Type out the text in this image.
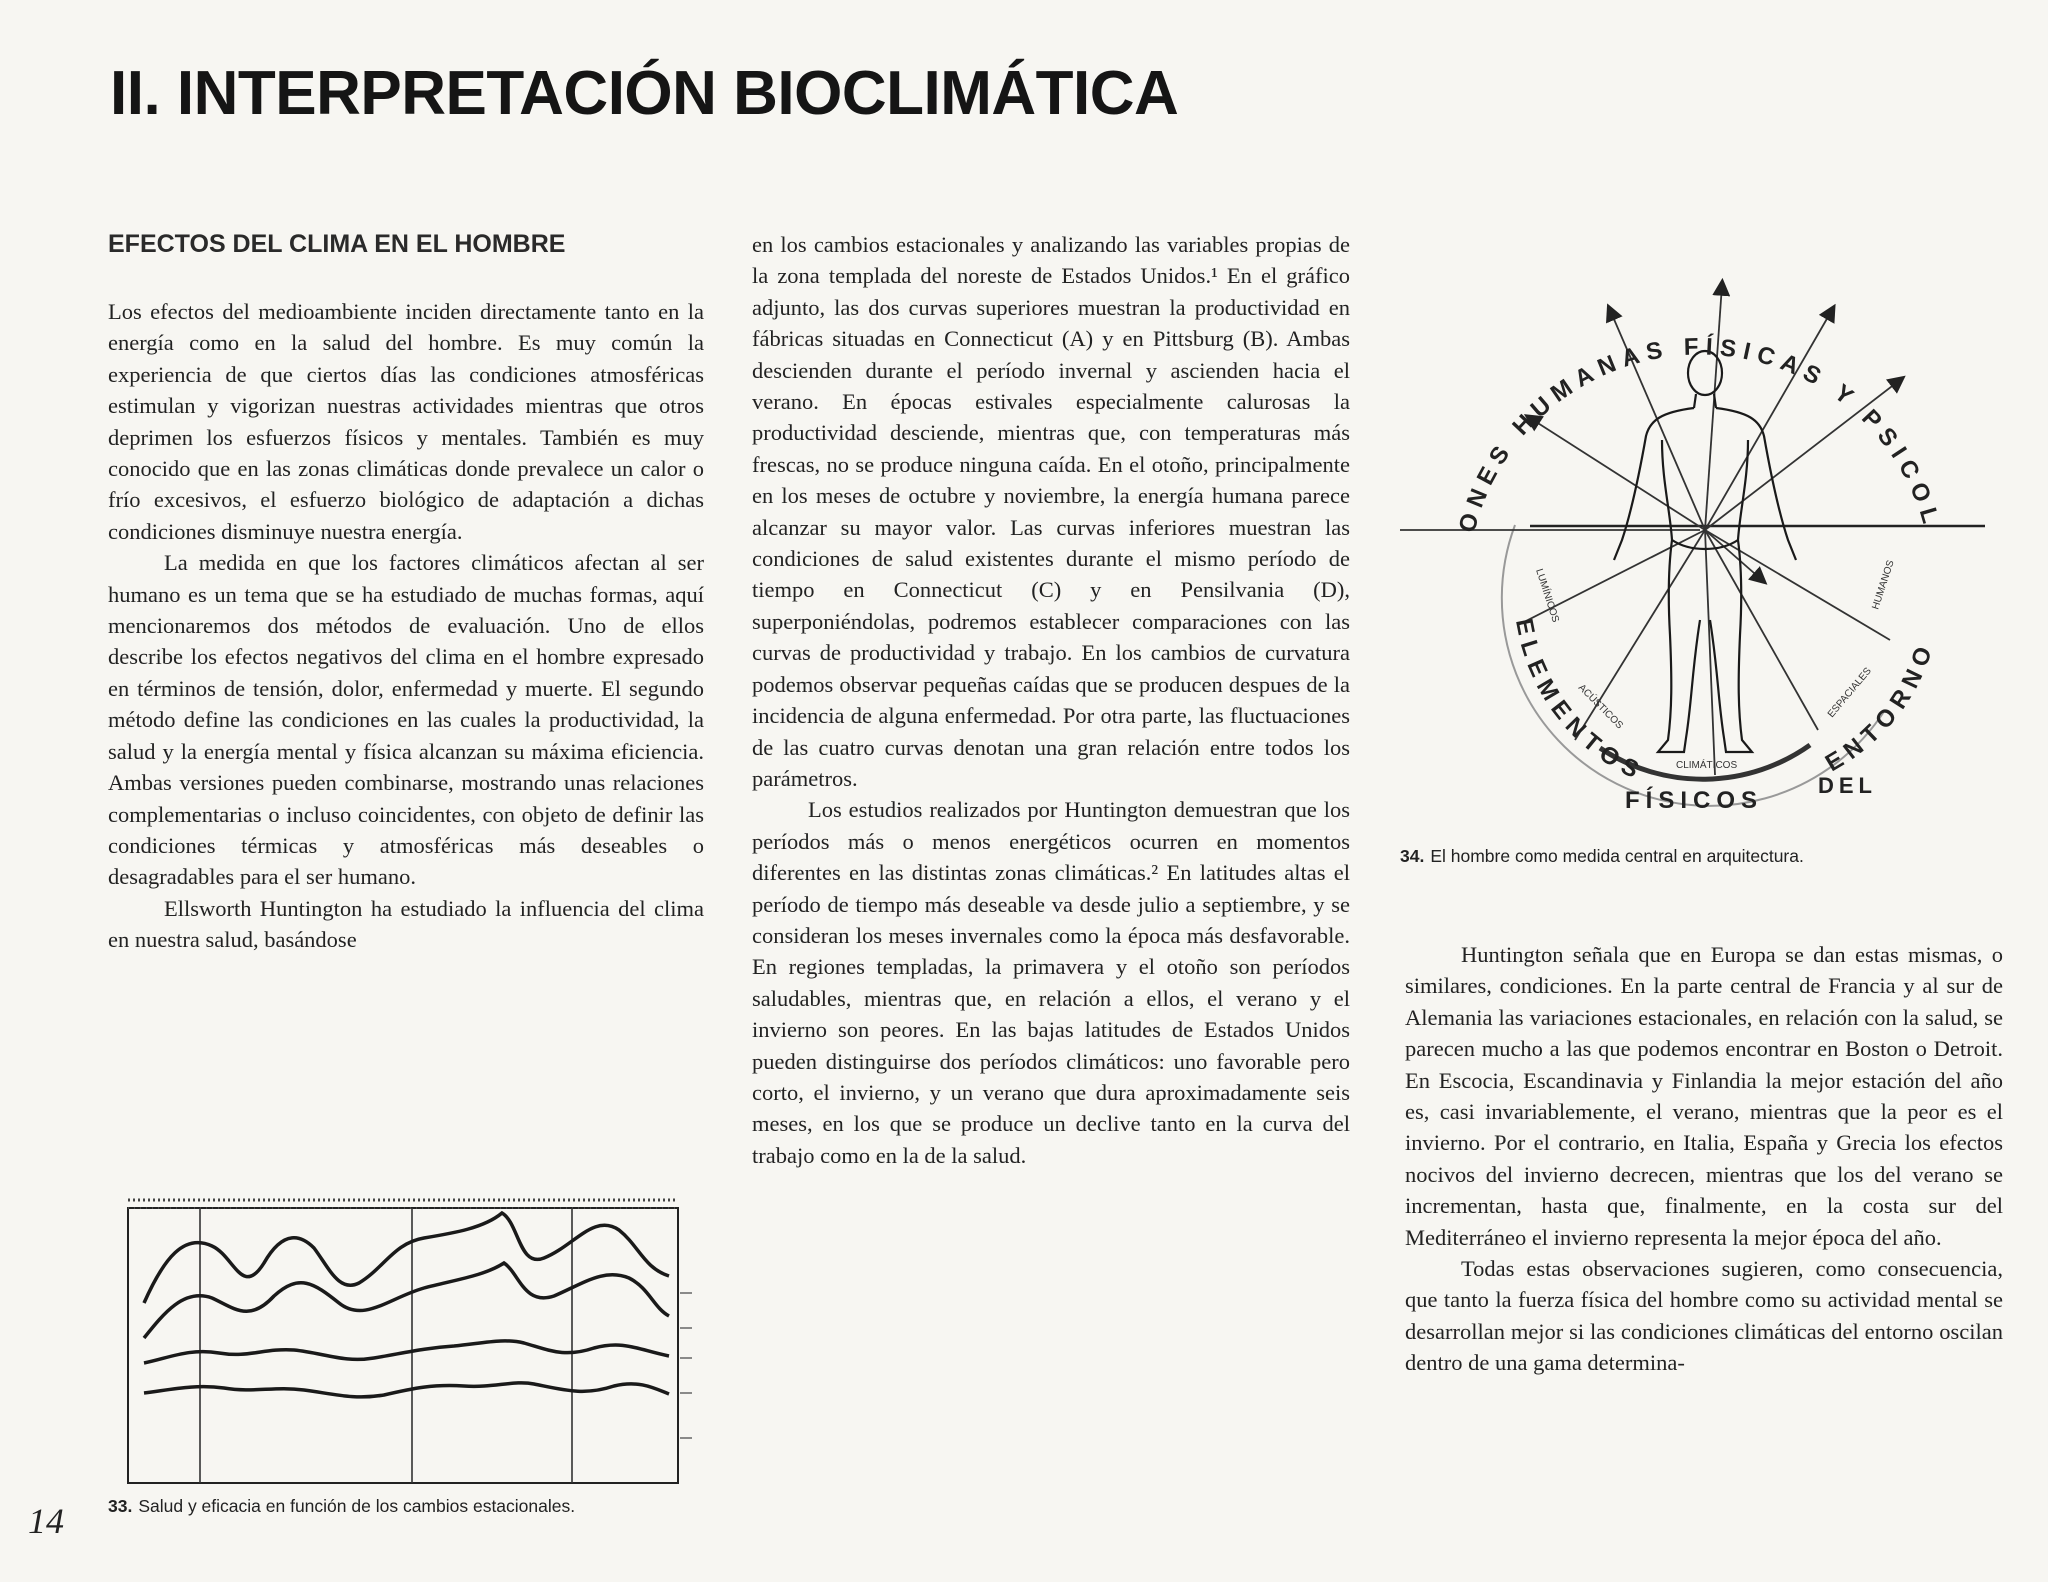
II. INTERPRETACIÓN BIOCLIMÁTICA
EFECTOS DEL CLIMA EN EL HOMBRE

Los efectos del medioambiente inciden directamente tanto en la energía como en la salud del hombre. Es muy común la experiencia de que ciertos días las condiciones atmosféricas estimulan y vigorizan nuestras actividades mientras que otros deprimen los esfuerzos físicos y mentales. También es muy conocido que en las zonas climáticas donde prevalece un calor o frío excesivos, el esfuerzo biológico de adaptación a dichas condiciones disminuye nuestra energía.

La medida en que los factores climáticos afectan al ser humano es un tema que se ha estudiado de muchas formas, aquí mencionaremos dos métodos de evaluación. Uno de ellos describe los efectos negativos del clima en el hombre expresado en términos de tensión, dolor, enfermedad y muerte. El segundo método define las condiciones en las cuales la productividad, la salud y la energía mental y física alcanzan su máxima eficiencia. Ambas versiones pueden combinarse, mostrando unas relaciones complementarias o incluso coincidentes, con objeto de definir las condiciones térmicas y atmosféricas más deseables o desagradables para el ser humano.

Ellsworth Huntington ha estudiado la influencia del clima en nuestra salud, basándose

en los cambios estacionales y analizando las variables propias de la zona templada del noreste de Estados Unidos.¹ En el gráfico adjunto, las dos curvas superiores muestran la productividad en fábricas situadas en Connecticut (A) y en Pittsburg (B). Ambas descienden durante el período invernal y ascienden hacia el verano. En épocas estivales especialmente calurosas la productividad desciende, mientras que, con temperaturas más frescas, no se produce ninguna caída. En el otoño, principalmente en los meses de octubre y noviembre, la energía humana parece alcanzar su mayor valor. Las curvas inferiores muestran las condiciones de salud existentes durante el mismo período de tiempo en Connecticut (C) y en Pensilvania (D), superponiéndolas, podremos establecer comparaciones con las curvas de productividad y trabajo. En los cambios de curvatura podemos observar pequeñas caídas que se producen despues de la incidencia de alguna enfermedad. Por otra parte, las fluctuaciones de las cuatro curvas denotan una gran relación entre todos los parámetros.

Los estudios realizados por Huntington demuestran que los períodos más o menos energéticos ocurren en momentos diferentes en las distintas zonas climáticas.² En latitudes altas el período de tiempo más deseable va desde julio a septiembre, y se consideran los meses invernales como la época más desfavorable. En regiones templadas, la primavera y el otoño son períodos saludables, mientras que, en relación a ellos, el verano y el invierno son peores. En las bajas latitudes de Estados Unidos pueden distinguirse dos períodos climáticos: uno favorable pero corto, el invierno, y un verano que dura aproximadamente seis meses, en los que se produce un declive tanto en la curva del trabajo como en la de la salud.

Huntington señala que en Europa se dan estas mismas, o similares, condiciones. En la parte central de Francia y al sur de Alemania las variaciones estacionales, en relación con la salud, se parecen mucho a las que podemos encontrar en Boston o Detroit. En Escocia, Escandinavia y Finlandia la mejor estación del año es, casi invariablemente, el verano, mientras que la peor es el invierno. Por el contrario, en Italia, España y Grecia los efectos nocivos del invierno decrecen, mientras que los del verano se incrementan, hasta que, finalmente, en la costa sur del Mediterráneo el invierno representa la mejor época del año.

Todas estas observaciones sugieren, como consecuencia, que tanto la fuerza física del hombre como su actividad mental se desarrollan mejor si las condiciones climáticas del entorno oscilan dentro de una gama determina-

33. Salud y eficacia en función de los cambios estacionales.
ONES HUMANAS FÍSICAS Y PSICOL
ELEMENTOS	ENTORNO
FÍSICOS
DEL
LUMÍNICOS
ACÚSTICOS
CLIMÁTICOS
ESPACIALES
HUMANOS
34. El hombre como medida central en arquitectura.
14
